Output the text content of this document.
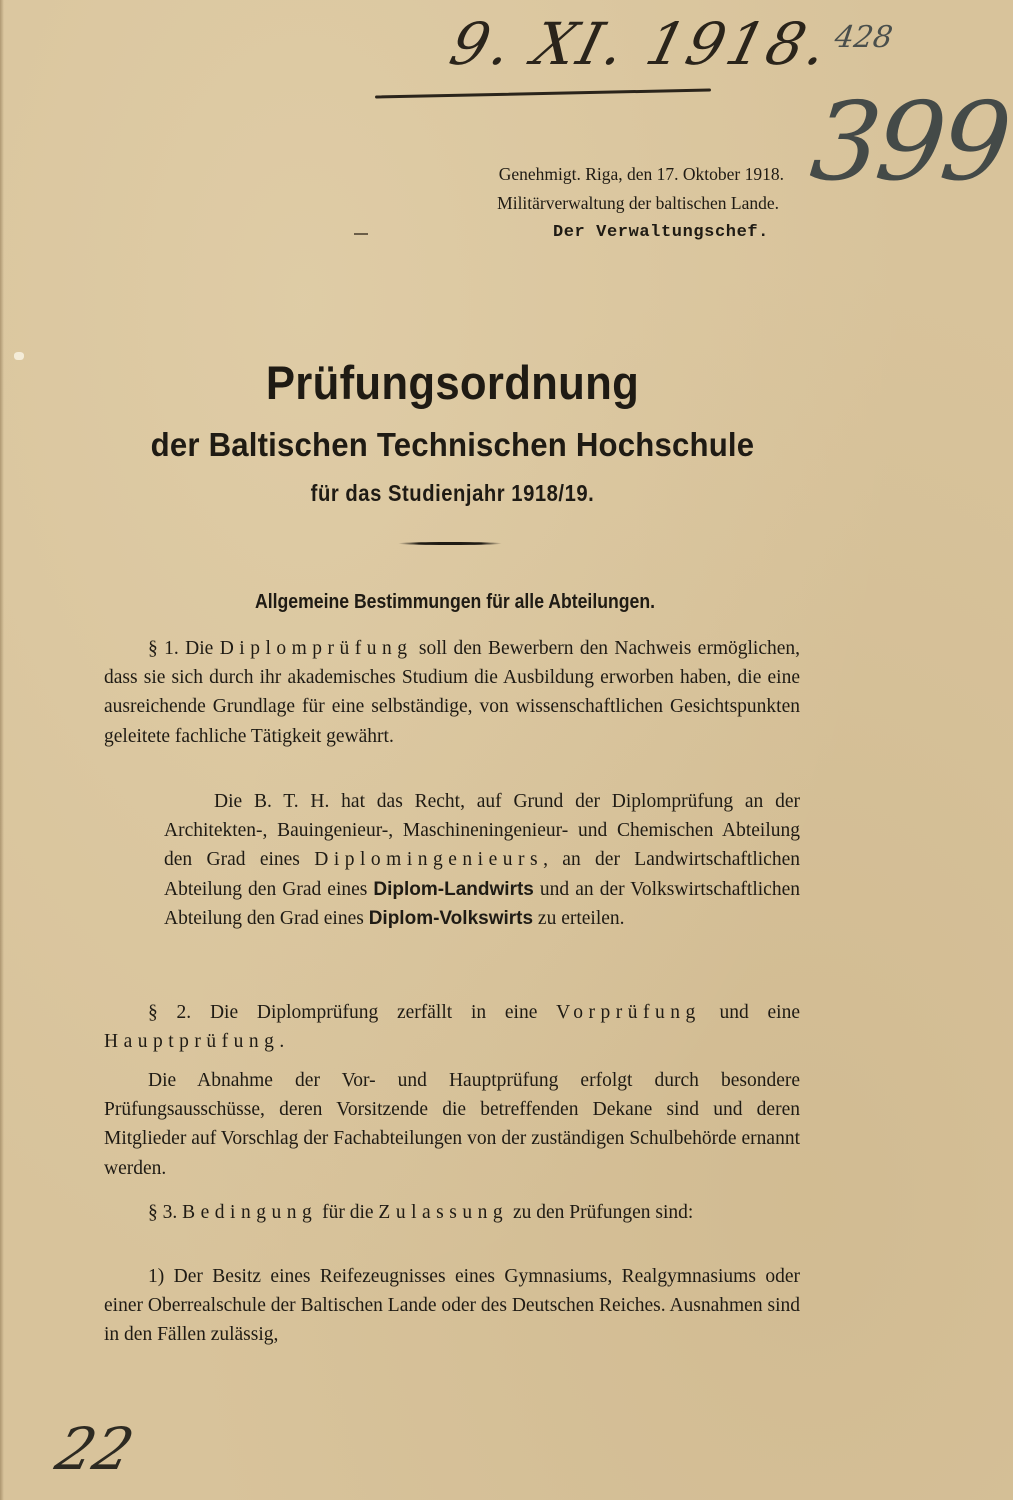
9. XI. 1918.
428
399
Genehmigt. Riga, den 17. Oktober 1918.
Militärverwaltung der baltischen Lande.
Der Verwaltungschef.
Prüfungsordnung
der Baltischen Technischen Hochschule
für das Studienjahr 1918/19.
Allgemeine Bestimmungen für alle Abteilungen.

§ 1. Die Diplomprüfung soll den Bewerbern den Nachweis ermöglichen, dass sie sich durch ihr akademisches Studium die Ausbildung erworben haben, die eine ausreichende Grundlage für eine selbständige, von wissenschaftlichen Gesichtspunkten geleitete fachliche Tätigkeit gewährt.

Die B. T. H. hat das Recht, auf Grund der Diplomprüfung an der Architekten-, Bauingenieur-, Maschineningenieur- und Chemischen Abteilung den Grad eines Diplomingenieurs, an der Landwirtschaftlichen Abteilung den Grad eines Diplom-Landwirts und an der Volkswirtschaftlichen Abteilung den Grad eines Diplom-Volkswirts zu erteilen.

§ 2. Die Diplomprüfung zerfällt in eine Vorprüfung und eine Hauptprüfung.

Die Abnahme der Vor- und Hauptprüfung erfolgt durch besondere Prüfungsausschüsse, deren Vorsitzende die betreffenden Dekane sind und deren Mitglieder auf Vorschlag der Fachabteilungen von der zuständigen Schulbehörde ernannt werden.

§ 3. Bedingung für die Zulassung zu den Prüfungen sind:

1) Der Besitz eines Reifezeugnisses eines Gymnasiums, Realgymnasiums oder einer Oberrealschule der Baltischen Lande oder des Deutschen Reiches. Ausnahmen sind in den Fällen zulässig,

22
